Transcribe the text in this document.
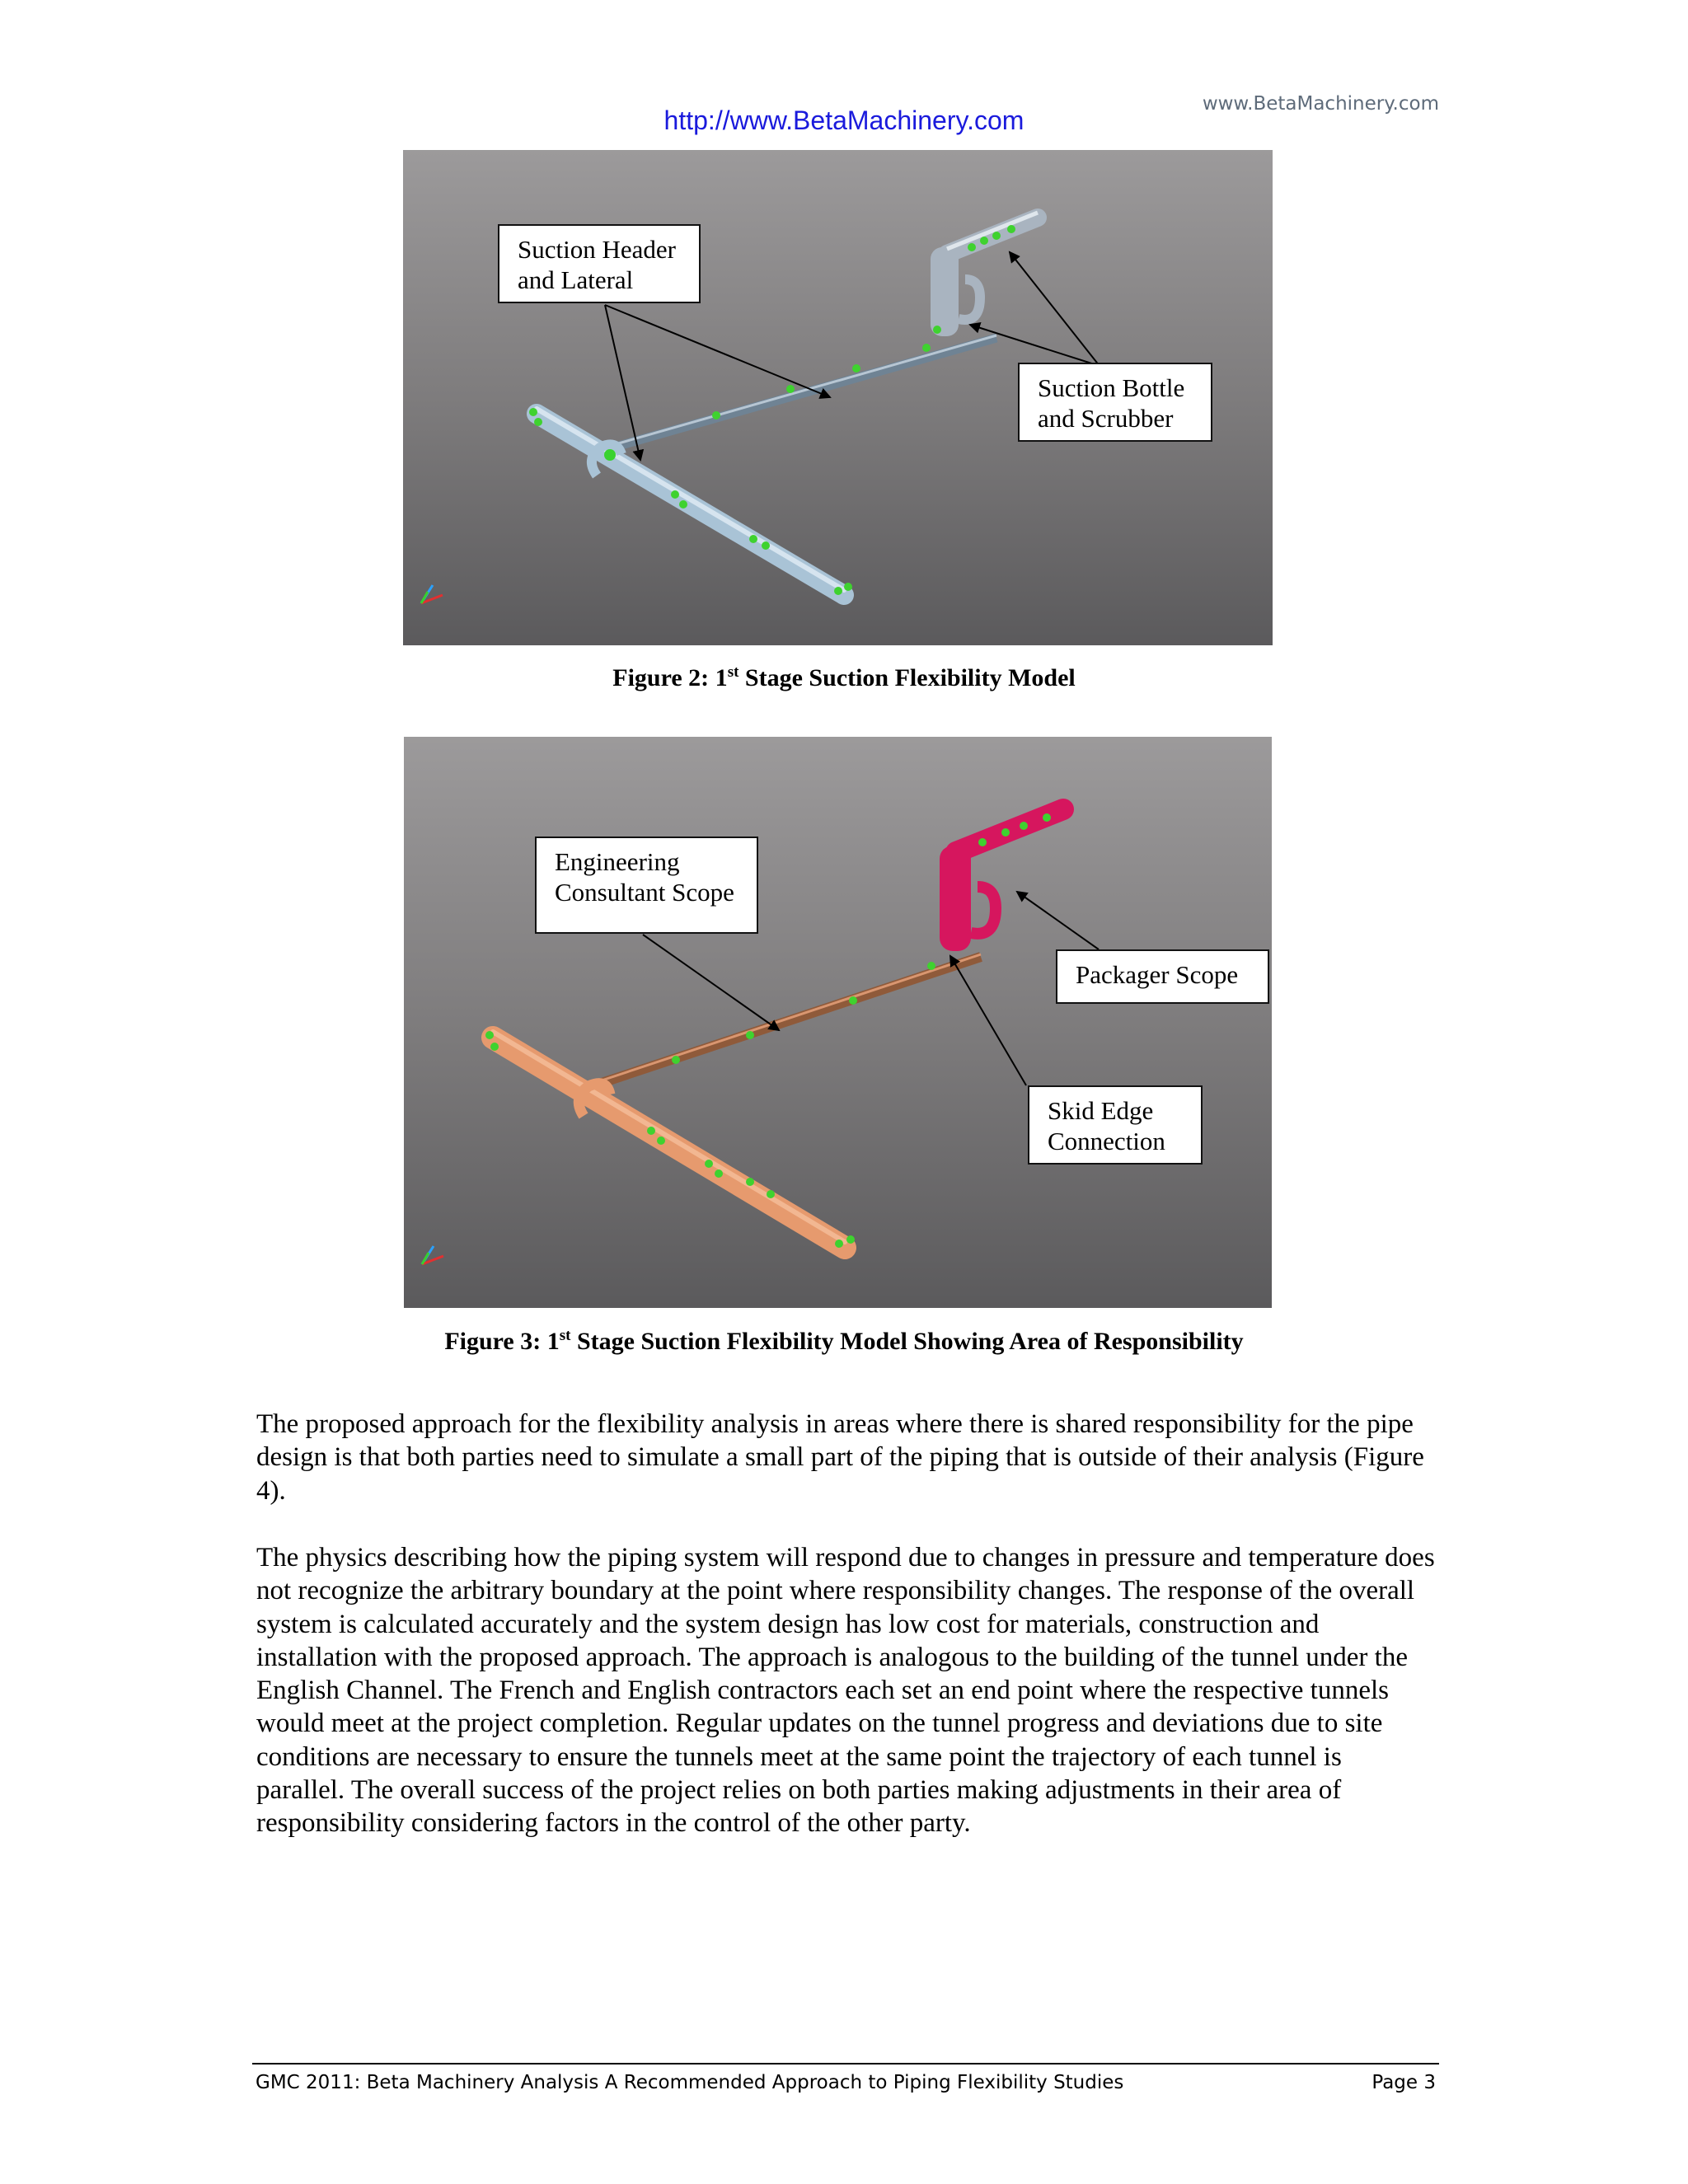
http://www.BetaMachinery.com
www.BetaMachinery.com
Suction Header
and Lateral
Suction Bottle
and Scrubber
Figure 2: 1st Stage Suction Flexibility Model
Engineering
Consultant Scope
Packager Scope
Skid Edge
Connection
Figure 3: 1st Stage Suction Flexibility Model Showing Area of Responsibility

The proposed approach for the flexibility analysis in areas where there is shared responsibility for the pipe design is that both parties need to simulate a small part of the piping that is outside of their analysis (Figure 4).

The physics describing how the piping system will respond due to changes in pressure and temperature does not recognize the arbitrary boundary at the point where responsibility changes. The response of the overall system is calculated accurately and the system design has low cost for materials, construction and installation with the proposed approach. The approach is analogous to the building of the tunnel under the English Channel. The French and English contractors each set an end point where the respective tunnels would meet at the project completion. Regular updates on the tunnel progress and deviations due to site conditions are necessary to ensure the tunnels meet at the same point the trajectory of each tunnel is parallel. The overall success of the project relies on both parties making adjustments in their area of responsibility considering factors in the control of the other party.

GMC 2011: Beta Machinery Analysis A Recommended Approach to Piping Flexibility Studies	Page 3
